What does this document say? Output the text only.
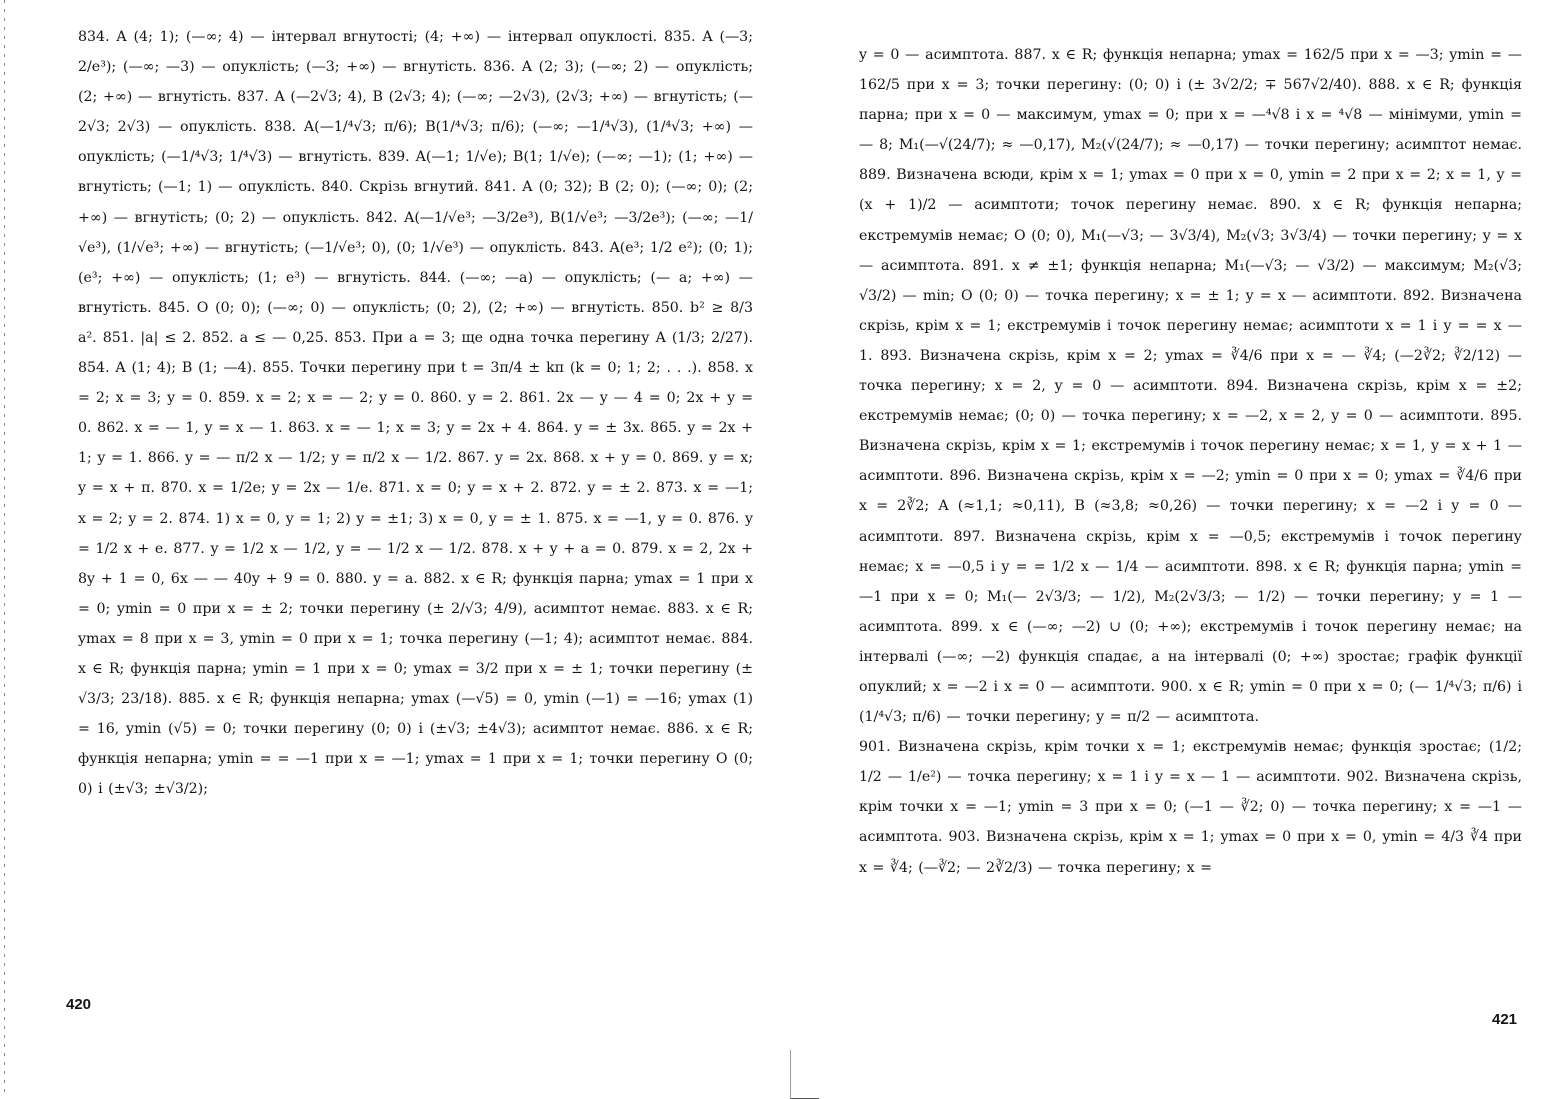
834. A (4; 1); (—∞; 4) — інтервал вгнутості; (4; +∞) — інтервал опуклості. 835. A (—3; 2/e³); (—∞; —3) — опуклість; (—3; +∞) — вгнутість. 836. A (2; 3); (—∞; 2) — опуклість; (2; +∞) — вгнутість. 837. A (—2√3; 4), B (2√3; 4); (—∞; —2√3), (2√3; +∞) — вгнутість; (—2√3; 2√3) — опуклість. 838. A(—1/⁴√3; π/6); B(1/⁴√3; π/6); (—∞; —1/⁴√3), (1/⁴√3; +∞) — опуклість; (—1/⁴√3; 1/⁴√3) — вгнутість. 839. A(—1; 1/√e); B(1; 1/√e); (—∞; —1); (1; +∞) — вгнутість; (—1; 1) — опуклість. 840. Скрізь вгнутий. 841. A (0; 32); B (2; 0); (—∞; 0); (2; +∞) — вгнутість; (0; 2) — опуклість. 842. A(—1/√e³; —3/2e³), B(1/√e³; —3/2e³); (—∞; —1/√e³), (1/√e³; +∞) — вгнутість; (—1/√e³; 0), (0; 1/√e³) — опуклість. 843. A(e³; 1/2 e²); (0; 1); (e³; +∞) — опуклість; (1; e³) — вгнутість. 844. (—∞; —a) — опуклість; (— a; +∞) — вгнутість. 845. O (0; 0); (—∞; 0) — опуклість; (0; 2), (2; +∞) — вгнутість. 850. b² ≥ 8/3 a². 851. |a| ≤ 2. 852. a ≤ — 0,25. 853. При a = 3; ще одна точка перегину A (1/3; 2/27). 854. A (1; 4); B (1; —4). 855. Точки перегину при t = 3π/4 ± kπ (k = 0; 1; 2; . . .). 858. x = 2; x = 3; y = 0. 859. x = 2; x = — 2; y = 0. 860. y = 2. 861. 2x — y — 4 = 0; 2x + y = 0. 862. x = — 1, y = x — 1. 863. x = — 1; x = 3; y = 2x + 4. 864. y = ± 3x. 865. y = 2x + 1; y = 1. 866. y = — π/2 x — 1/2; y = π/2 x — 1/2. 867. y = 2x. 868. x + y = 0. 869. y = x; y = x + π. 870. x = 1/2e; y = 2x — 1/e. 871. x = 0; y = x + 2. 872. y = ± 2. 873. x = —1; x = 2; y = 2. 874. 1) x = 0, y = 1; 2) y = ±1; 3) x = 0, y = ± 1. 875. x = —1, y = 0. 876. y = 1/2 x + e. 877. y = 1/2 x — 1/2, y = — 1/2 x — 1/2. 878. x + y + a = 0. 879. x = 2, 2x + 8y + 1 = 0, 6x — — 40y + 9 = 0. 880. y = a. 882. x ∈ R; функція парна; ymax = 1 при x = 0; ymin = 0 при x = ± 2; точки перегину (± 2/√3; 4/9), асимптот немає. 883. x ∈ R; ymax = 8 при x = 3, ymin = 0 при x = 1; точка перегину (—1; 4); асимптот немає. 884. x ∈ R; функція парна; ymin = 1 при x = 0; ymax = 3/2 при x = ± 1; точки перегину (± √3/3; 23/18). 885. x ∈ R; функція непарна; ymax (—√5) = 0, ymin (—1) = —16; ymax (1) = 16, ymin (√5) = 0; точки перегину (0; 0) і (±√3; ±4√3); асимптот немає. 886. x ∈ R; функція непарна; ymin = = —1 при x = —1; ymax = 1 при x = 1; точки перегину O (0; 0) і (±√3; ±√3/2);

420

y = 0 — асимптота. 887. x ∈ R; функція непарна; ymax = 162/5 при x = —3; ymin = — 162/5 при x = 3; точки перегину: (0; 0) і (± 3√2/2; ∓ 567√2/40). 888. x ∈ R; функція парна; при x = 0 — максимум, ymax = 0; при x = —⁴√8 і x = ⁴√8 — мінімуми, ymin = — 8; M₁(—√(24/7); ≈ —0,17), M₂(√(24/7); ≈ —0,17) — точки перегину; асимптот немає. 889. Визначена всюди, крім x = 1; ymax = 0 при x = 0, ymin = 2 при x = 2; x = 1, y = (x + 1)/2 — асимптоти; точок перегину немає. 890. x ∈ R; функція непарна; екстремумів немає; O (0; 0), M₁(—√3; — 3√3/4), M₂(√3; 3√3/4) — точки перегину; y = x — асимптота. 891. x ≠ ±1; функція непарна; M₁(—√3; — √3/2) — максимум; M₂(√3; √3/2) — min; O (0; 0) — точка перегину; x = ± 1; y = x — асимптоти. 892. Визначена скрізь, крім x = 1; екстремумів і точок перегину немає; асимптоти x = 1 і y = = x — 1. 893. Визначена скрізь, крім x = 2; ymax = ∛4/6 при x = — ∛4; (—2∛2; ∛2/12) — точка перегину; x = 2, y = 0 — асимптоти. 894. Визначена скрізь, крім x = ±2; екстремумів немає; (0; 0) — точка перегину; x = —2, x = 2, y = 0 — асимптоти. 895. Визначена скрізь, крім x = 1; екстремумів і точок перегину немає; x = 1, y = x + 1 — асимптоти. 896. Визначена скрізь, крім x = —2; ymin = 0 при x = 0; ymax = ∛4/6 при x = 2∛2; A (≈1,1; ≈0,11), B (≈3,8; ≈0,26) — точки перегину; x = —2 і y = 0 — асимптоти. 897. Визначена скрізь, крім x = —0,5; екстремумів і точок перегину немає; x = —0,5 і y = = 1/2 x — 1/4 — асимптоти. 898. x ∈ R; функція парна; ymin = —1 при x = 0; M₁(— 2√3/3; — 1/2), M₂(2√3/3; — 1/2) — точки перегину; y = 1 — асимптота. 899. x ∈ (—∞; —2) ∪ (0; +∞); екстремумів і точок перегину немає; на інтервалі (—∞; —2) функція спадає, а на інтервалі (0; +∞) зростає; графік функції опуклий; x = —2 і x = 0 — асимптоти. 900. x ∈ R; ymin = 0 при x = 0; (— 1/⁴√3; π/6) і (1/⁴√3; π/6) — точки перегину; y = π/2 — асимптота.

901. Визначена скрізь, крім точки x = 1; екстремумів немає; функція зростає; (1/2; 1/2 — 1/e²) — точка перегину; x = 1 і y = x — 1 — асимптоти. 902. Визначена скрізь, крім точки x = —1; ymin = 3 при x = 0; (—1 — ∛2; 0) — точка перегину; x = —1 — асимптота. 903. Визначена скрізь, крім x = 1; ymax = 0 при x = 0, ymin = 4/3 ∛4 при x = ∛4; (—∛2; — 2∛2/3) — точка перегину; x =

421
